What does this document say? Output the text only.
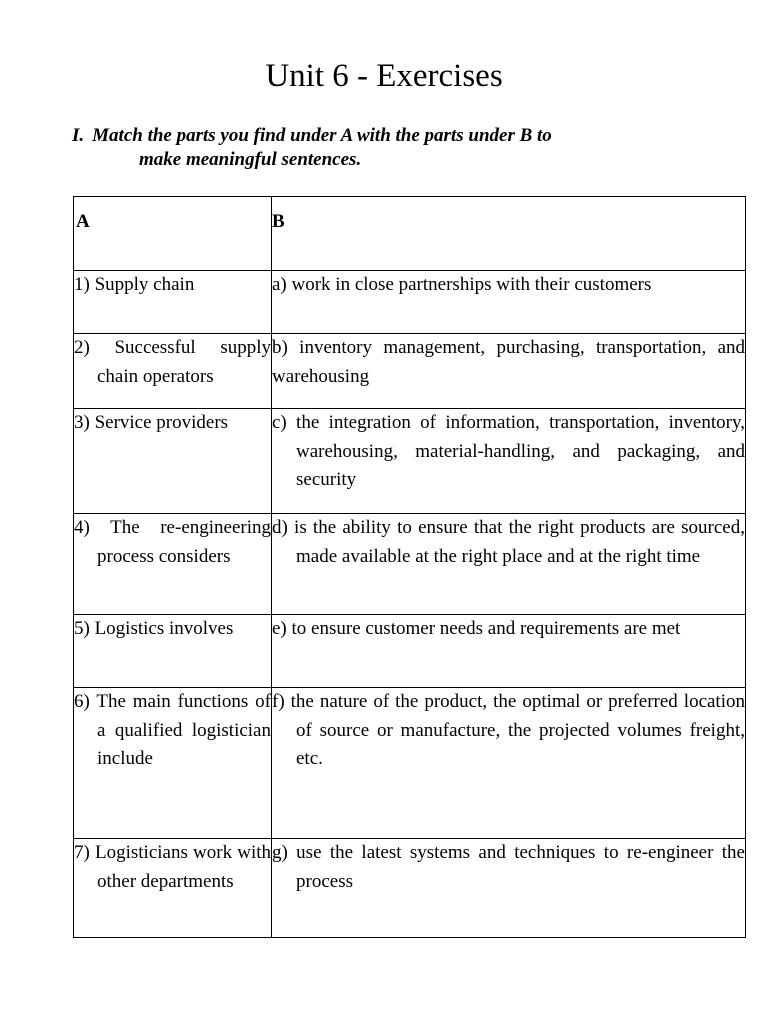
Unit 6 - Exercises
I. Match the parts you find under A with the parts under B to
make meaningful sentences.
A	B

1) Supply chain	a) work in close partnerships with their customers

2) Successful supply chain operators	b) inventory management, purchasing, transportation, and warehousing

3) Service providers	c) the integration of information, transportation, inventory, warehousing, material-handling, and packaging, and security

4) The re-engineering process considers	d) is the ability to ensure that the right products are sourced, made available at the right place and at the right time

5) Logistics involves	e) to ensure customer needs and requirements are met

6) The main functions of a qualified logistician include	f) the nature of the product, the optimal or preferred location of source or manufacture, the projected volumes freight, etc.

7) Logisticians work with other departments	g) use the latest systems and techniques to re-engineer the process
